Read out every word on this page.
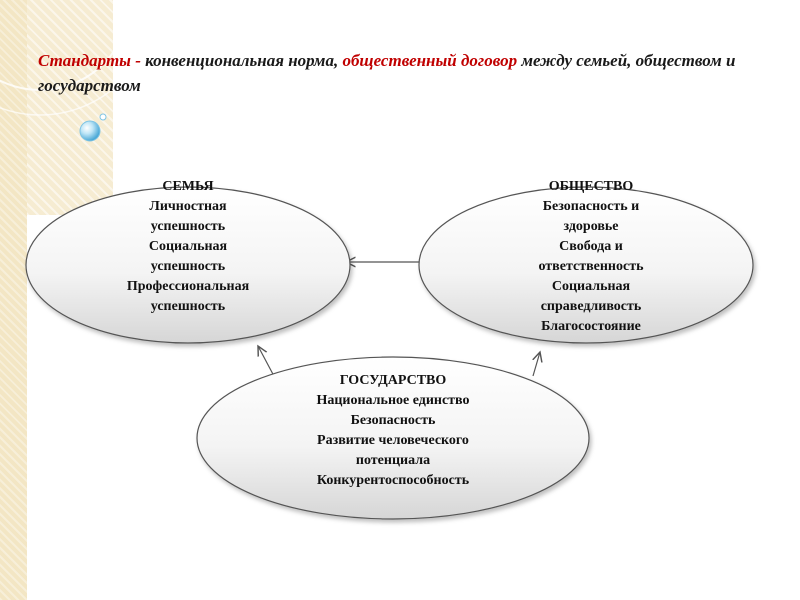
Стандарты - конвенциональная норма, общественный договор между семьей, обществом и государством
СЕМЬЯ
Личностная
успешность
Социальная
успешность
Профессиональная
успешность
ОБЩЕСТВО
Безопасность и
здоровье
Свобода и
ответственность
Социальная
справедливость
Благосостояние
ГОСУДАРСТВО
Национальное единство
Безопасность
Развитие человеческого
потенциала
Конкурентоспособность
